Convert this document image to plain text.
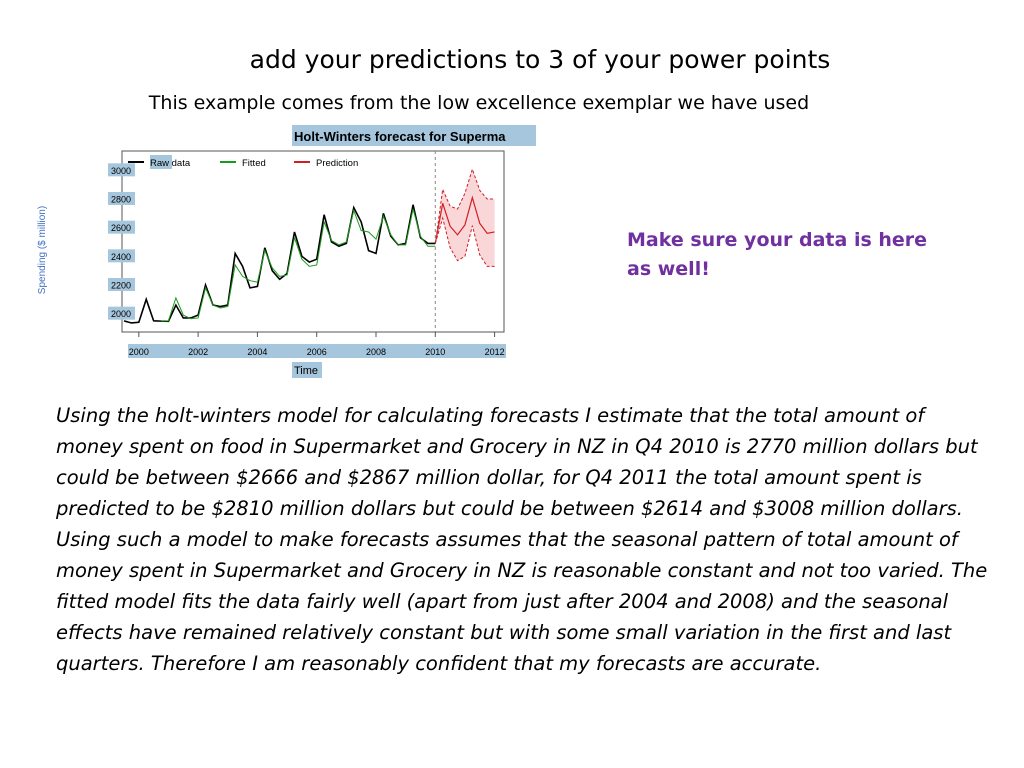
add your predictions to 3 of your power points
This example comes from the low excellence exemplar we have used
Holt-Winters forecast for Superma
Raw data	Fitted	Prediction
2000
2200
2400
2600
2800
3000
2000	2002	2004	2006	2008	2010	2012
Time
Spending ($ million)	Make sure your data is here as well!

Using the holt-winters model for calculating forecasts I estimate that the total amount of money spent on food in Supermarket and Grocery in NZ in Q4 2010 is 2770 million dollars but could be between $2666 and $2867 million dollar, for Q4 2011 the total amount spent is predicted to be $2810 million dollars but could be between $2614 and $3008 million dollars.

Using such a model to make forecasts assumes that the seasonal pattern of total amount of money spent in Supermarket and Grocery in NZ is reasonable constant and not too varied. The fitted model fits the data fairly well (apart from just after 2004 and 2008) and the seasonal effects have remained relatively constant but with some small variation in the first and last quarters. Therefore I am reasonably confident that my forecasts are accurate.
